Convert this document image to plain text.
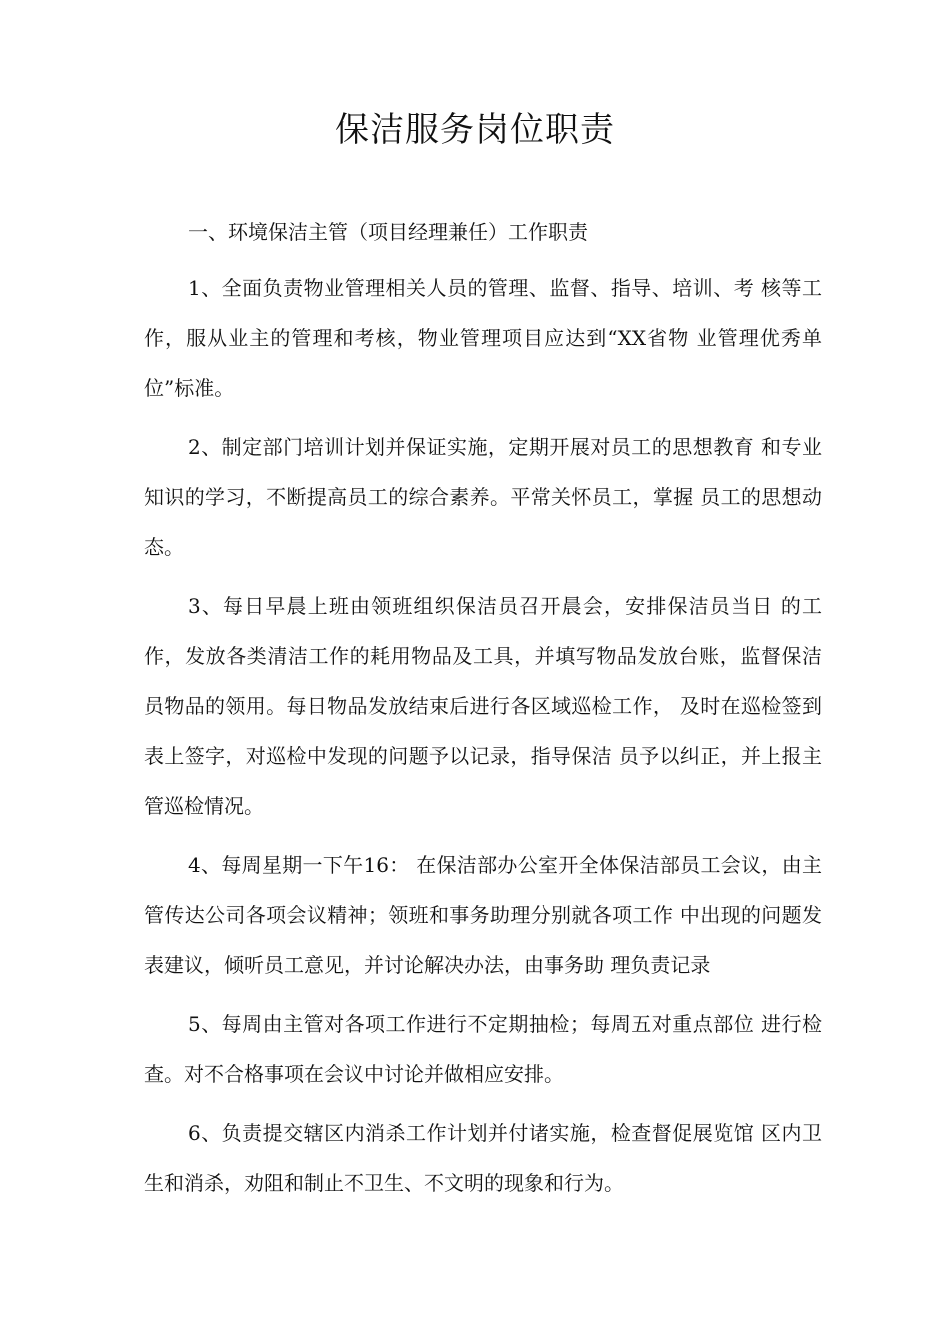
保洁服务岗位职责

一、环境保洁主管（项目经理兼任）工作职责

1、全面负责物业管理相关人员的管理、监督、指导、培训、考 核等工作，服从业主的管理和考核，物业管理项目应达到“XX省物 业管理优秀单位”标准。

2、制定部门培训计划并保证实施，定期开展对员工的思想教育 和专业知识的学习，不断提高员工的综合素养。平常关怀员工，掌握 员工的思想动态。

3、每日早晨上班由领班组织保洁员召开晨会，安排保洁员当日 的工作，发放各类清洁工作的耗用物品及工具，并填写物品发放台账，监督保洁员物品的领用。每日物品发放结束后进行各区域巡检工作， 及时在巡检签到表上签字，对巡检中发现的问题予以记录，指导保洁 员予以纠正，并上报主管巡检情况。

4、每周星期一下午16： 在保洁部办公室开全体保洁部员工会议，由主管传达公司各项会议精神；领班和事务助理分别就各项工作 中出现的问题发表建议，倾听员工意见，并讨论解决办法，由事务助 理负责记录

5、每周由主管对各项工作进行不定期抽检；每周五对重点部位 进行检查。对不合格事项在会议中讨论并做相应安排。

6、负责提交辖区内消杀工作计划并付诸实施，检查督促展览馆 区内卫生和消杀，劝阻和制止不卫生、不文明的现象和行为。
